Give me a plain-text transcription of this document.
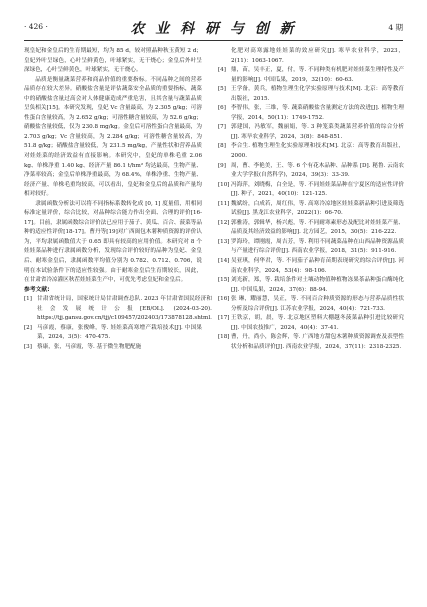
· 426 ·	农 业 科 研 与 创 新	4 期

现皇妃和金皇后的生育期最短，均为 85 d，较对照晶种秋玉黄短 2 d；皇妃外叶呈绿色，心叶呈鲜黄色，叶球紧实，无干烧心；金皇后外叶呈深绿色，心叶呈鲜黄色，叶球紧实，无干烧心。

品质是衡量蔬菜营养和商品价值的重要指标。不同品种之间的营养品质存在较大差异。硝酸盐含量是评估蔬菜安全品质的重要指标，蔬菜中的硝酸盐含量过高会对人体健康造成严重危害，且其含量与蔬菜品质呈负相关[15]。本研究发现，皇妃 Vc 含量最高，为 2.305 g/kg；可溶性蛋白含量较高，为 2.652 g/kg；可溶性糖含量较高，为 52.6 g/kg；硝酸盐含量较低，仅为 230.8 mg/kg。金皇后可溶性蛋白含量最高，为 2.703 g/kg；Vc 含量较高，为 2.284 g/kg；可溶性糖含量较高，为 51.8 g/kg；硝酸盐含量较低，为 231.5 mg/kg，产量性状和营养品质对娃娃菜的经济效益有直接影响。本研究中，皇妃的单株毛重 2.06 kg、单株净重 1.40 kg、经济产量 86.1 t/hm² 均达最高，生物产量、净菜率较高；金皇后单株净重最高，为 68.4%，单株净重、生物产量、经济产量、单株毛重均较高，可以看出，皇妃和金皇后的品质和产量均相对较好。

隶属函数分析法可以将不同指标系数转化成 [0, 1] 度量值，用相同标准定量评价，综合比较，对品种综合能力作出全面、合理的评价[16-17]。目前，隶属函数综合评价法已应用于茄子、黄瓜、百合、菠菜等品种的适应性评价[18-17]。曹丹等[19]对广西闽包木薯种质资源的评价认为，平均隶属函数值大于 0.65 即具有较高的应用价值。本研究对 8 个娃娃菜品种进行隶属函数分析，发现综合评价较好的品种为皇妃、金皇后、耐寒金皇后，隶属函数平均值分别为 0.782、0.712、0.706，说明在本试验条件下的适应性较强。由于耐寒金皇后生育期较长，因此，在甘肃省冷凉灌区秋茬娃娃菜生产中，可优先考虑皇妃和金皇后。

参考文献:

[1] 甘肃省统计局，国家统计局甘肃调查总队. 2023 年甘肃省国民经济和社会发展统计公报[EB/OL]. (2024-03-20). https://tjj.gansu.gov.cn/tjj/c109457/202403/173878128.shtml.
[2] 马彦霞，蔡康，张俊峰，等. 娃娃菜高寒增产栽培技术[J]. 中国果菜，2024，3(5)：470-475.
[3] 蔡康，张，马彦霞，等. 基于微生物肥配施
化肥对高寒露地娃娃菜的效应研究[J]. 寒旱农业科学，2023，2(11)：1063-1067.
[4] 鼎，苗，吴丰正，夏，付，等. 不同种类有机肥对娃娃菜生理特性及产量的影响[J]. 中国瓜果，2019，32(10)：60-63.
[5] 王学备，黄兵，植物生理生化学实验原理与技术[M]. 北京：高等教育出版社，2015.
[6] 李智伟，张，三维，等. 蔬菜硝酸盐含量测定方法的改进[J]. 植物生理学报，2014，50(11)：1749-1752.
[7] 郭建国，冯敏军，魏丽娟，等. 3 种笼菜类蔬菜营养价值的综合分析[J]. 寒旱农业科学，2024，3(8)：848-851.
[8] 李合生. 植物生理生化实验原理和技术[M]. 北京：高等教育出版社，2000.
[9] 周，曹、李艳美，王、等. 6 个有花木品种、品种系 [D]. 秘鲁. 云南农业大学学报(自然科学)，2024，39(3)：33-39.
[10] 冯海萍，刘晓梅，白全是，等. 不同娃娃菜品种在宁夏区的适应性评价[J]. 种子，2021，40(10)：121-125.
[11] 魏斌纷，白成若，周红伟，等. 高寒冷凉地区娃娃菜新品种引进及筛选试验[J]. 黑龙江农业科学，2022(1)：66-70.
[12] 郭雅涛，郭辑华，杨兴彪，等. 不同耐寒素形态及配比对娃娃菜产量、品质及其经济效益的影响[J]. 北方园艺，2015，30(5)：216-222.
[13] 罗海玲，谭刚霞，周吉芳，等. 利用不同蔬菜品种在山西品种资源品质与产量进行综合评价[J]. 西南农业学报，2018，31(5)：911-916.
[14] 吴亚琪，何华君，等. 不同茄子品种育苗期表现研究的综合评价[J]. 河南农业科学，2024，53(4)：98-106.
[15] 刘光新，郑，等. 栽培条件对土壤动物值种植物冻果茶品种蛋白酶纯化[J]. 中国瓜果，2024，37(6)：88-94.
[16] 张 琳，耀丽慧，吴正，等. 不同百合种质资源的形态与营养品质性状分析及综合评价[J]. 江苏农业学报，2024，40(4)：721-733.
[17] 王铁京，胡，晨，等. 北京地区塑料大棚越冬菠菜品种引进比较研究[J]. 中国农技推广，2024，40(4)：37-41.
[18] 曹，丹，尚小，陈会辉，等. 广西地方甜包木薯种质资源调查及表型性状分析和品质评价[J]. 西南农业学报，2024，37(11)：2318-2325.
